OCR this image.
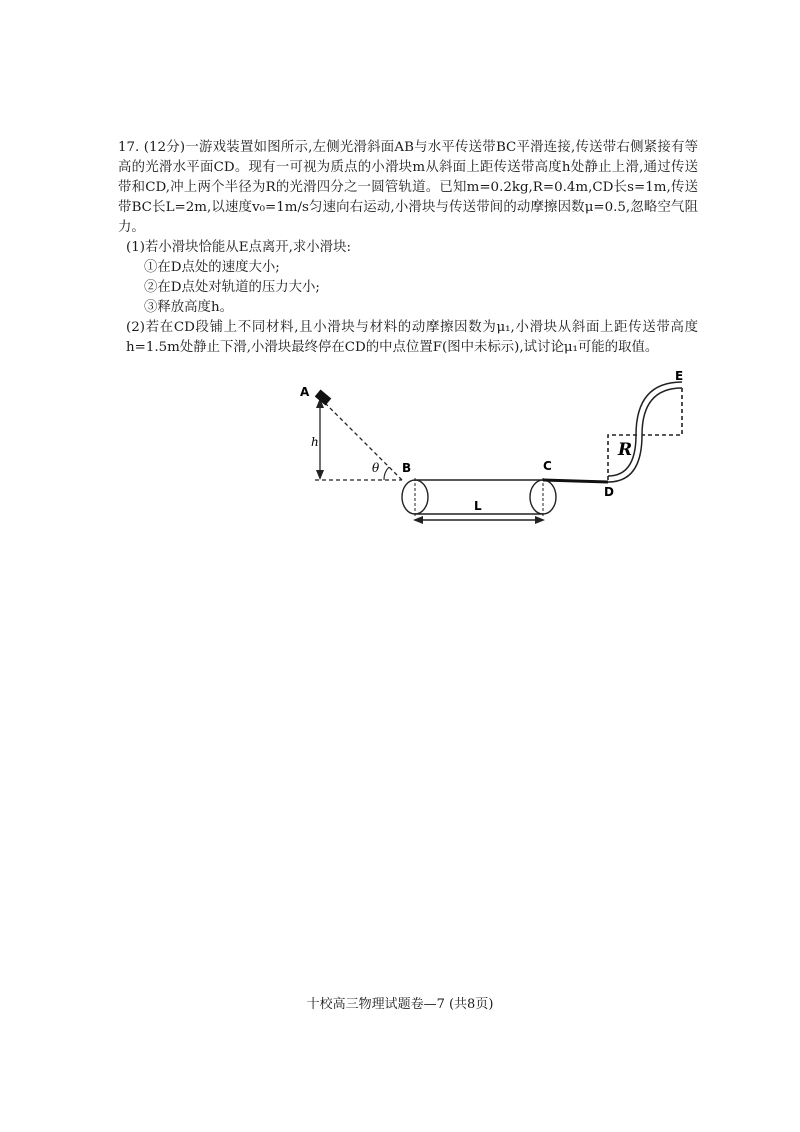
17. (12分)一游戏装置如图所示,左侧光滑斜面AB与水平传送带BC平滑连接,传送带右侧紧接有等高的光滑水平面CD。现有一可视为质点的小滑块m从斜面上距传送带高度h处静止上滑,通过传送带和CD,冲上两个半径为R的光滑四分之一圆管轨道。已知m=0.2kg,R=0.4m,CD长s=1m,传送带BC长L=2m,以速度v₀=1m/s匀速向右运动,小滑块与传送带间的动摩擦因数μ=0.5,忽略空气阻力。

(1)若小滑块恰能从E点离开,求小滑块:

①在D点处的速度大小;

②在D点处对轨道的压力大小;

③释放高度h。

(2)若在CD段铺上不同材料,且小滑块与材料的动摩擦因数为μ₁,小滑块从斜面上距传送带高度h=1.5m处静止下滑,小滑块最终停在CD的中点位置F(图中未标示),试讨论μ₁可能的取值。

A
h
θ B	C
L
D
E
R
十校高三物理试题卷—7 (共8页)
